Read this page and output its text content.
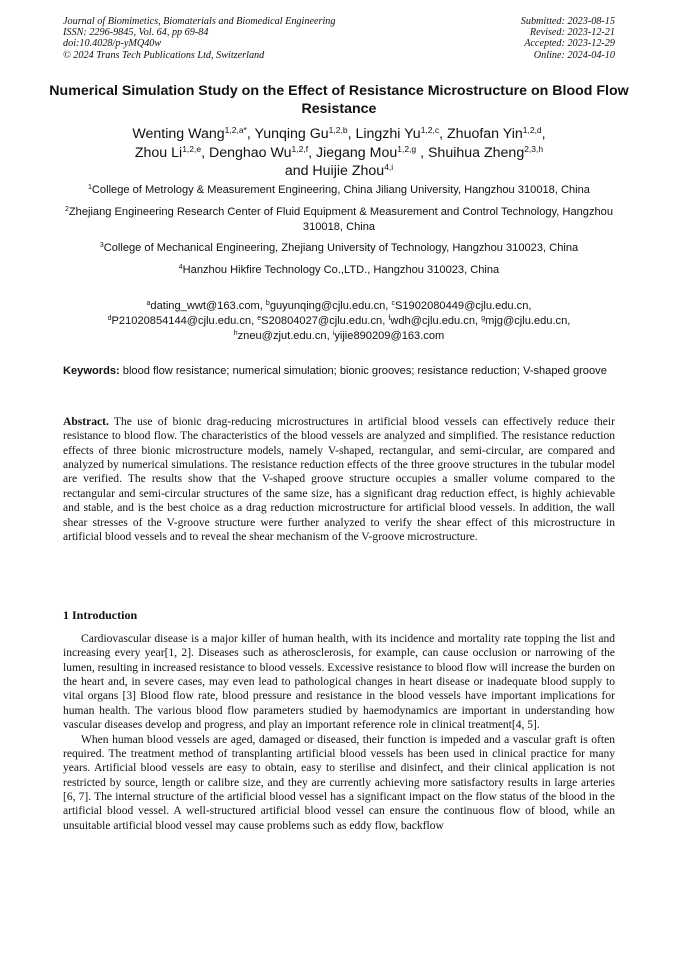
Journal of Biomimetics, Biomaterials and Biomedical Engineering
ISSN: 2296-9845, Vol. 64, pp 69-84
doi:10.4028/p-yMQ40w
© 2024 Trans Tech Publications Ltd, Switzerland
Submitted: 2023-08-15
Revised: 2023-12-21
Accepted: 2023-12-29
Online: 2024-04-10
Numerical Simulation Study on the Effect of Resistance Microstructure on Blood Flow Resistance
Wenting Wang$^{1,2,a*}$, Yunqing Gu$^{1,2,b}$, Lingzhi Yu$^{1,2,c}$, Zhuofan Yin$^{1,2,d}$,
Zhou Li$^{1,2,e}$, Denghao Wu$^{1,2,f}$, Jiegang Mou$^{1,2,g}$ , Shuihua Zheng$^{2,3,h}$
and Huijie Zhou$^{4,i}$

$^1$College of Metrology & Measurement Engineering, China Jiliang University, Hangzhou 310018, China

$^2$Zhejiang Engineering Research Center of Fluid Equipment & Measurement and Control Technology, Hangzhou 310018, China

$^3$College of Mechanical Engineering, Zhejiang University of Technology, Hangzhou 310023, China

$^4$Hanzhou Hikfire Technology Co.,LTD., Hangzhou 310023, China

$^a$dating_wwt@163.com, $^b$guyunqing@cjlu.edu.cn, $^c$S1902080449@cjlu.edu.cn,
$^d$P21020854144@cjlu.edu.cn, $^e$S20804027@cjlu.edu.cn, $^f$wdh@cjlu.edu.cn, $^g$mjg@cjlu.edu.cn,
$^h$zneu@zjut.edu.cn, $^i$yijie890209@163.com
Keywords: blood flow resistance; numerical simulation; bionic grooves; resistance reduction; V-shaped groove
Abstract. The use of bionic drag-reducing microstructures in artificial blood vessels can effectively reduce their resistance to blood flow. The characteristics of the blood vessels are analyzed and simplified. The resistance reduction effects of three bionic microstructure models, namely V-shaped, rectangular, and semi-circular, are compared and analyzed by numerical simulations. The resistance reduction effects of the three groove structures in the tubular model are verified. The results show that the V-shaped groove structure occupies a smaller volume compared to the rectangular and semi-circular structures of the same size, has a significant drag reduction effect, is highly achievable and stable, and is the best choice as a drag reduction microstructure for artificial blood vessels. In addition, the wall shear stresses of the V-groove structure were further analyzed to verify the shear effect of this microstructure in artificial blood vessels and to reveal the shear mechanism of the V-groove microstructure.
1 Introduction

Cardiovascular disease is a major killer of human health, with its incidence and mortality rate topping the list and increasing every year[1, 2]. Diseases such as atherosclerosis, for example, can cause occlusion or narrowing of the lumen, resulting in increased resistance to blood vessels. Excessive resistance to blood flow will increase the burden on the heart and, in severe cases, may even lead to pathological changes in heart disease or inadequate blood supply to vital organs [3] Blood flow rate, blood pressure and resistance in the blood vessels have important implications for human health. The various blood flow parameters studied by haemodynamics are important in understanding how vascular diseases develop and progress, and play an important reference role in clinical treatment[4, 5].

When human blood vessels are aged, damaged or diseased, their function is impeded and a vascular graft is often required. The treatment method of transplanting artificial blood vessels has been used in clinical practice for many years. Artificial blood vessels are easy to obtain, easy to sterilise and disinfect, and their clinical application is not restricted by source, length or calibre size, and they are currently achieving more satisfactory results in large arteries [6, 7]. The internal structure of the artificial blood vessel has a significant impact on the flow status of the blood in the artificial blood vessel. A well-structured artificial blood vessel can ensure the continuous flow of blood, while an unsuitable artificial blood vessel may cause problems such as eddy flow, backflow
